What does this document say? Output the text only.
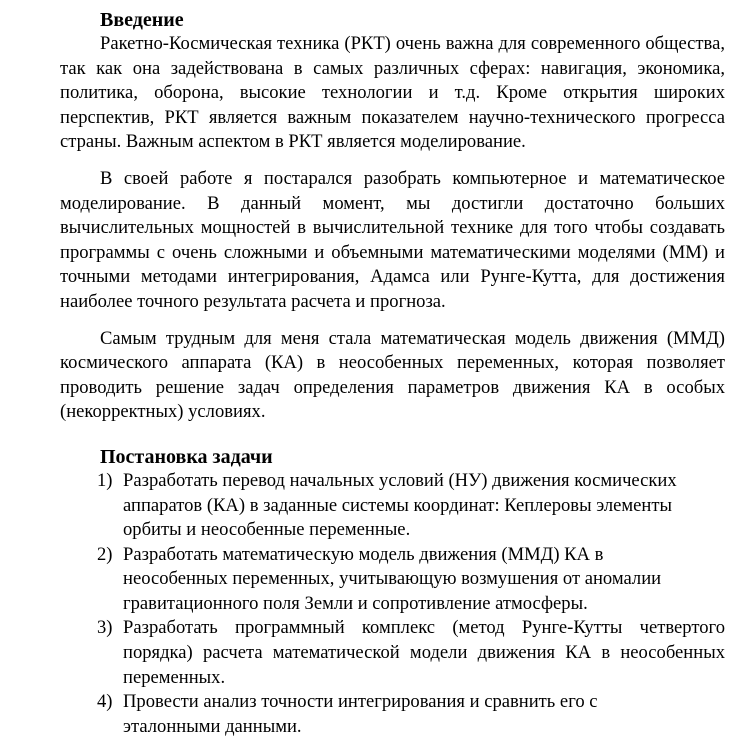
Введение

Ракетно-Космическая техника (РКТ) очень важна для современного общества, так как она задействована в самых различных сферах: навигация, экономика, политика, оборона, высокие технологии и т.д. Кроме открытия широких перспектив, РКТ является важным показателем научно-технического прогресса страны. Важным аспектом в РКТ является моделирование.

В своей работе я постарался разобрать компьютерное и математическое моделирование. В данный момент, мы достигли достаточно больших вычислительных мощностей в вычислительной технике для того чтобы создавать программы с очень сложными и объемными математическими моделями (ММ) и точными методами интегрирования, Адамса или Рунге-Кутта, для достижения наиболее точного результата расчета и прогноза.

Самым трудным для меня стала математическая модель движения (ММД) космического аппарата (КА) в неособенных переменных, которая позволяет проводить решение задач определения параметров движения КА в особых (некорректных) условиях.

Постановка задачи
1) Разработать перевод начальных условий (НУ) движения космических аппаратов (КА) в заданные системы координат: Кеплеровы элементы орбиты и неособенные переменные.
2) Разработать математическую модель движения (ММД) КА в неособенных переменных, учитывающую возмушения от аномалии гравитационного поля Земли и сопротивление атмосферы.
3) Разработать программный комплекс (метод Рунге-Кутты четвертого порядка) расчета математической модели движения КА в неособенных переменных.
4) Провести анализ точности интегрирования и сравнить его с эталонными данными.
